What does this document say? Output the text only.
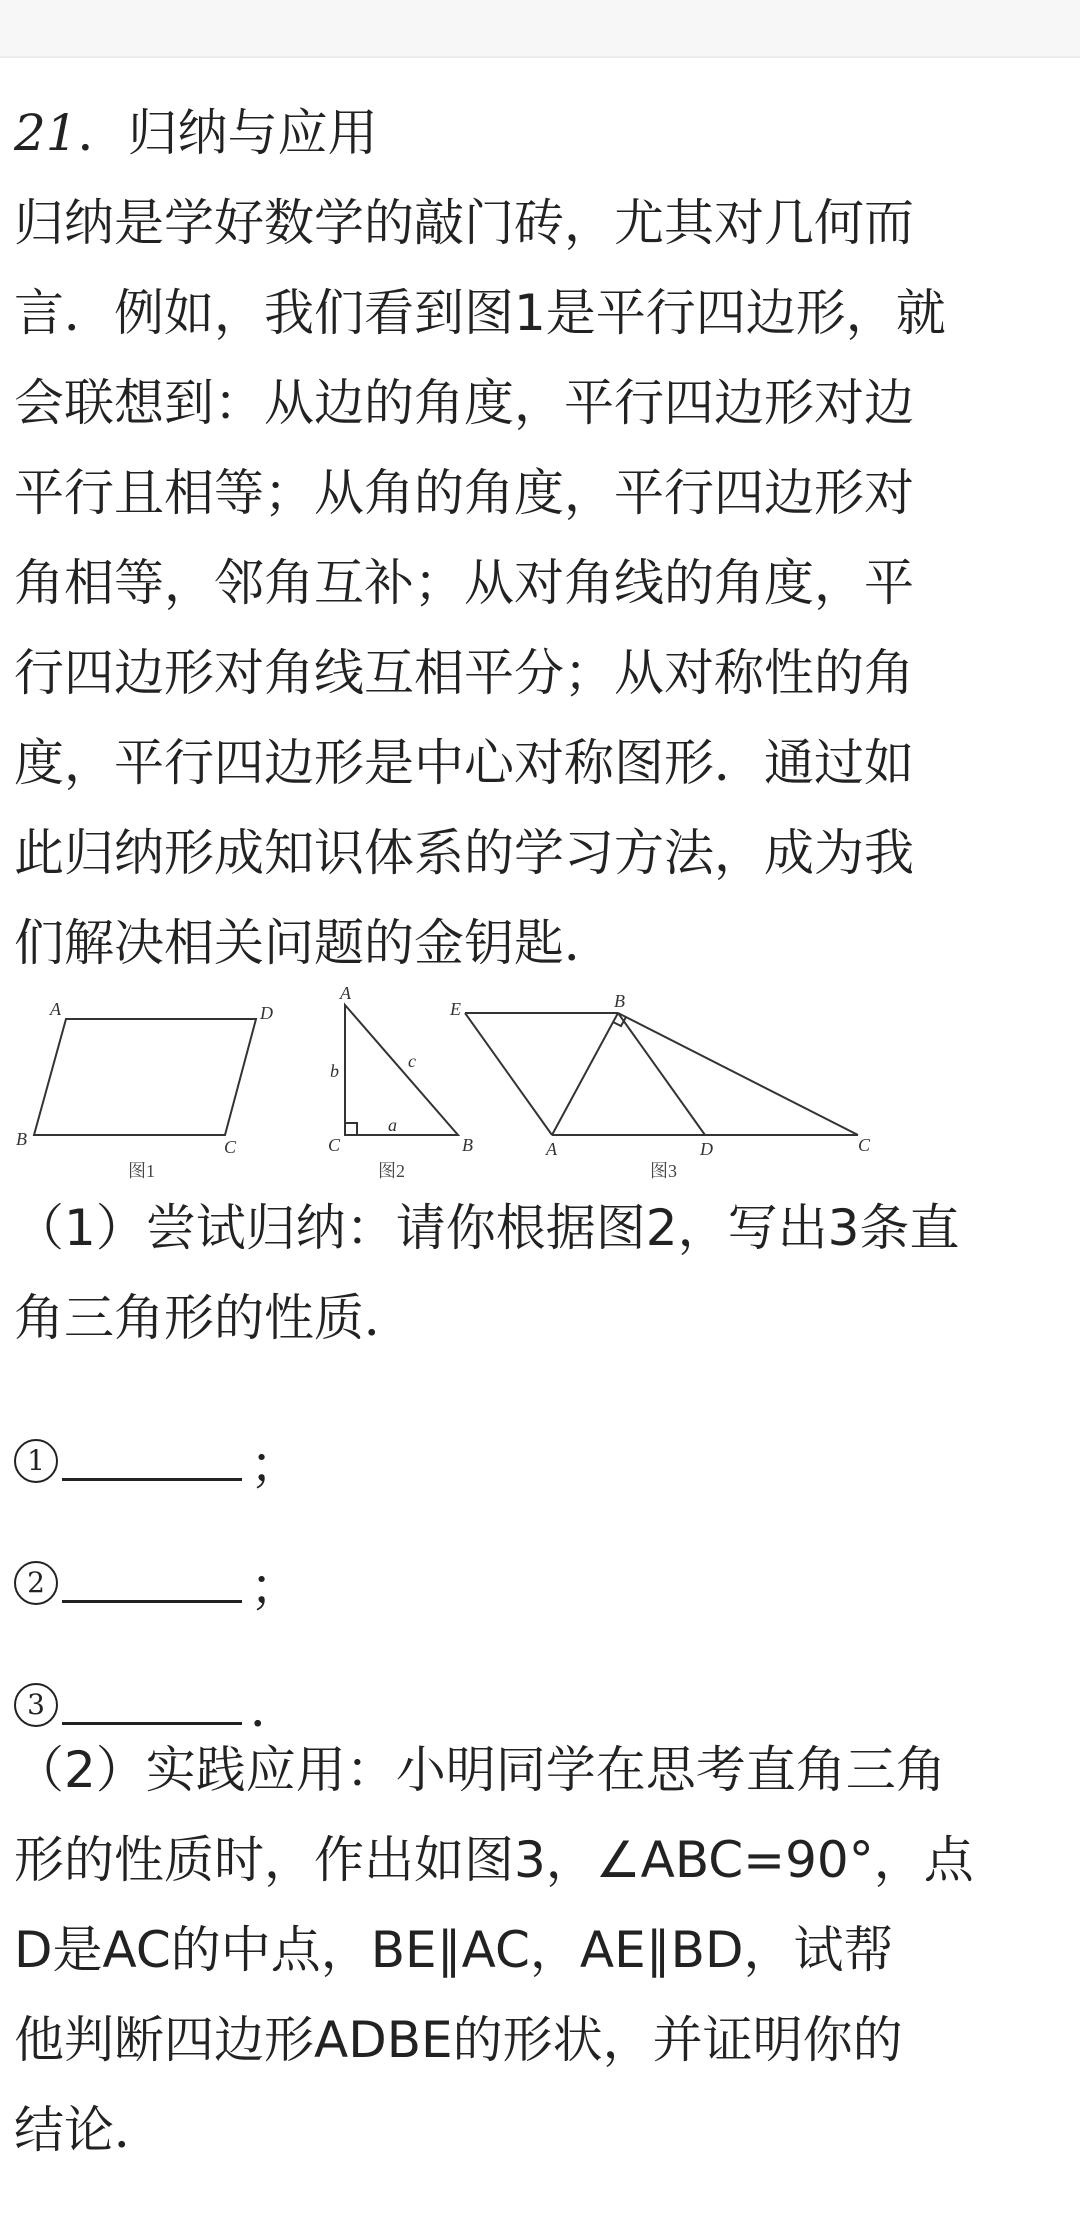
21．归纳与应用
归纳是学好数学的敲门砖，尤其对几何而
言．例如，我们看到图1是平行四边形，就
会联想到：从边的角度，平行四边形对边
平行且相等；从角的角度，平行四边形对
角相等，邻角互补；从对角线的角度，平
行四边形对角线互相平分；从对称性的角
度，平行四边形是中心对称图形．通过如
此归纳形成知识体系的学习方法，成为我
们解决相关问题的金钥匙．
A	D
B	C
A
b	c
C
a
B
E	B
A	D	C
图1	图2	图3
（1）尝试归纳：请你根据图2，写出3条直
角三角形的性质．
1	；
2	；
3	．
（2）实践应用：小明同学在思考直角三角
形的性质时，作出如图3，∠ABC=90°，点
D是AC的中点，BE∥AC，AE∥BD，试帮
他判断四边形ADBE的形状，并证明你的
结论．
